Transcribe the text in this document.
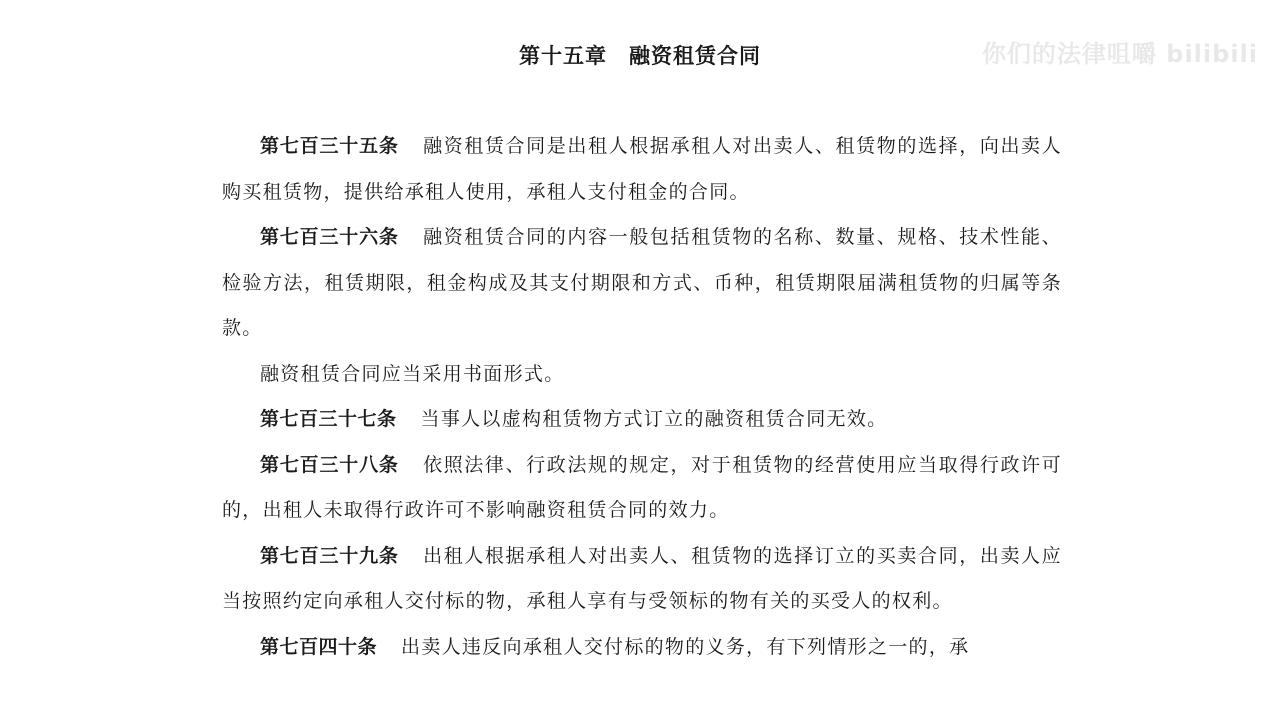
你们的法律咀嚼 bilibili
第十五章　融资租赁合同

第七百三十五条 融资租赁合同是出租人根据承租人对出卖人、租赁物的选择，向出卖人购买租赁物，提供给承租人使用，承租人支付租金的合同。

第七百三十六条 融资租赁合同的内容一般包括租赁物的名称、数量、规格、技术性能、检验方法，租赁期限，租金构成及其支付期限和方式、币种，租赁期限届满租赁物的归属等条款。

融资租赁合同应当采用书面形式。

第七百三十七条 当事人以虚构租赁物方式订立的融资租赁合同无效。

第七百三十八条 依照法律、行政法规的规定，对于租赁物的经营使用应当取得行政许可的，出租人未取得行政许可不影响融资租赁合同的效力。

第七百三十九条 出租人根据承租人对出卖人、租赁物的选择订立的买卖合同，出卖人应当按照约定向承租人交付标的物，承租人享有与受领标的物有关的买受人的权利。

第七百四十条 出卖人违反向承租人交付标的物的义务，有下列情形之一的，承
